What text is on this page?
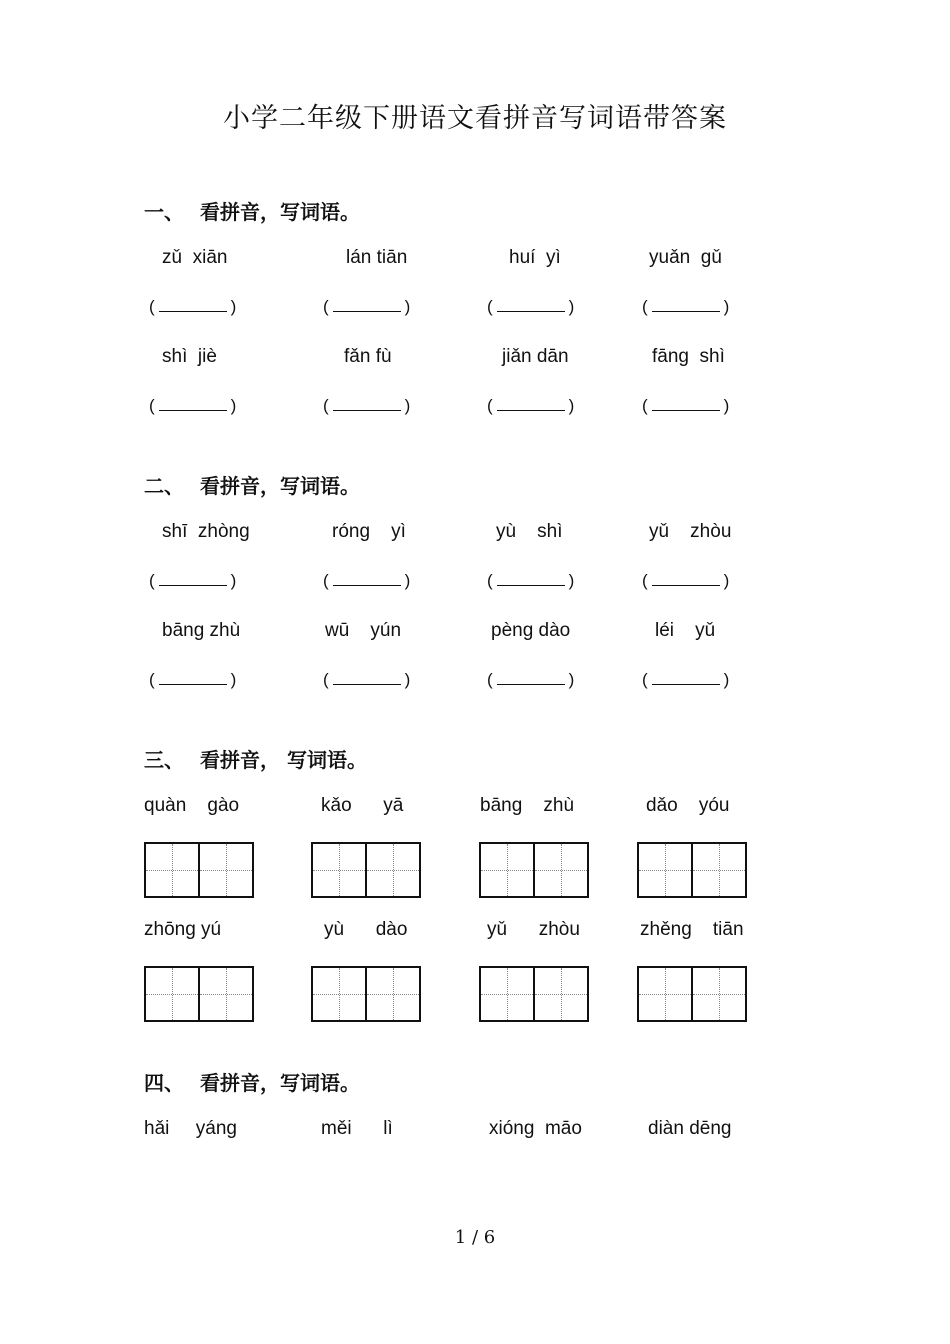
小学二年级下册语文看拼音写词语带答案
一、 看拼音，写词语。
zǔ  xiān	lán tiān	huí  yì	yuǎn  gǔ
(	)	(	)	(	)	(	)
shì  jiè	fǎn fù	jiǎn dān	fāng  shì
(	)	(	)	(	)	(	)
二、 看拼音，写词语。
shī  zhòng	róng    yì	yù    shì	yǔ    zhòu
(	)	(	)	(	)	(	)
bāng zhù	wū    yún	pèng dào	léi    yǔ
(	)	(	)	(	)	(	)
三、 看拼音， 写词语。
quàn    gào	kǎo      yā	bāng    zhù	dǎo    yóu
zhōng yú	yù      dào	yǔ      zhòu	zhěng    tiān
四、 看拼音，写词语。
hǎi     yáng	měi      lì	xióng  māo	diàn dēng
1 / 6
